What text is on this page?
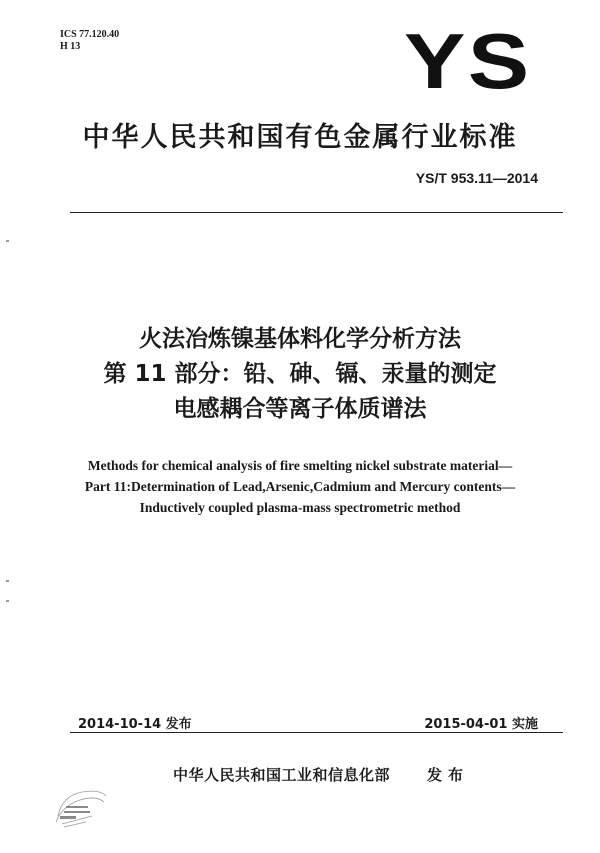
ICS 77.120.40
H 13	YS
中华人民共和国有色金属行业标准
YS/T 953.11—2014
火法冶炼镍基体料化学分析方法
第 11 部分：铅、砷、镉、汞量的测定
电感耦合等离子体质谱法
Methods for chemical analysis of fire smelting nickel substrate material—
Part 11:Determination of Lead,Arsenic,Cadmium and Mercury contents—
Inductively coupled plasma-mass spectrometric method
2014-10-14 发布	2015-04-01 实施
中华人民共和国工业和信息化部 发布
